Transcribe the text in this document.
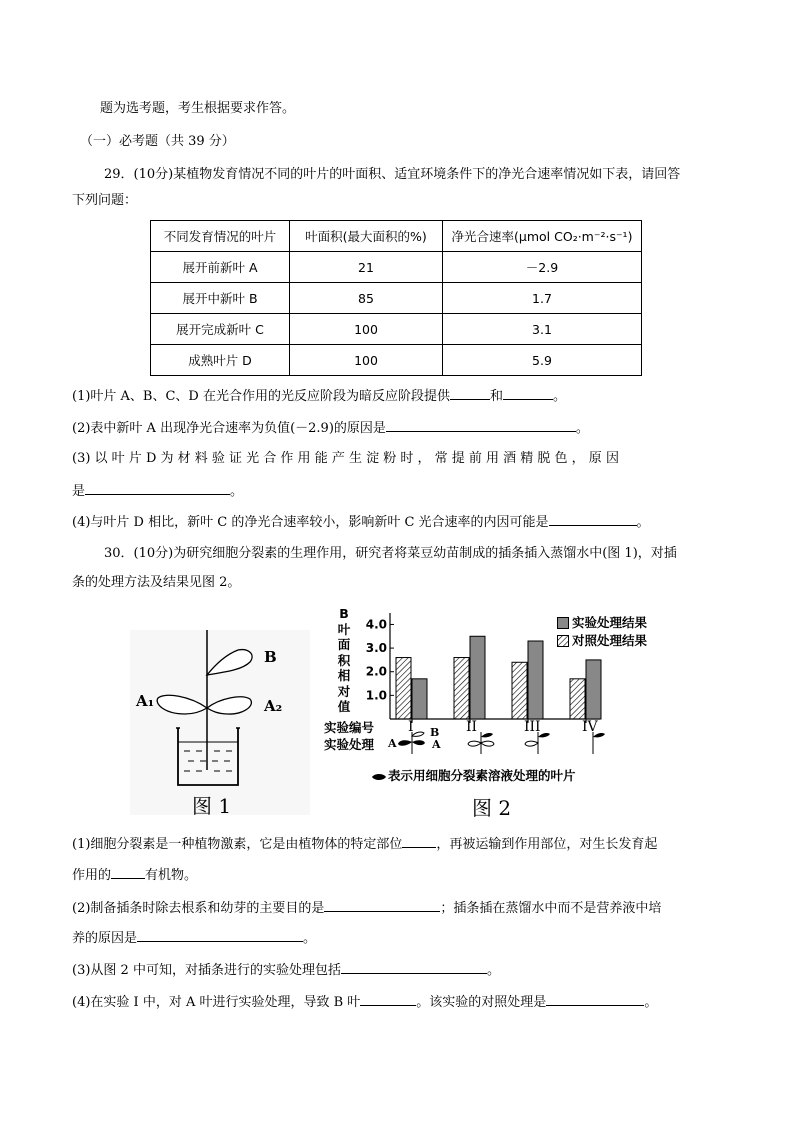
题为选考题，考生根据要求作答。
（一）必考题（共 39 分）
29．(10分)某植物发育情况不同的叶片的叶面积、适宜环境条件下的净光合速率情况如下表，请回答
下列问题：
不同发育情况的叶片	叶面积(最大面积的%)	净光合速率(μmol CO₂·m⁻²·s⁻¹)
展开前新叶 A	21	－2.9
展开中新叶 B	85	1.7
展开完成新叶 C	100	3.1
成熟叶片 D	100	5.9
(1)叶片 A、B、C、D 在光合作用的光反应阶段为暗反应阶段提供	和	。
(2)表中新叶 A 出现净光合速率为负值(－2.9)的原因是	。
(3) 以 叶 片 D 为 材 料 验 证 光 合 作 用 能 产 生 淀 粉 时 ， 常 提 前 用 酒 精 脱 色 ， 原 因
是	。
(4)与叶片 D 相比，新叶 C 的净光合速率较小，影响新叶 C 光合速率的内因可能是	。
30．(10分)为研究细胞分裂素的生理作用，研究者将菜豆幼苗制成的插条插入蒸馏水中(图 1)，对插
条的处理方法及结果见图 2。
B
A₁	A₂
图 1
B
叶
面
积
相
对
值
1.0
2.0
3.0
4.0	实验处理结果
对照处理结果
实验编号
实验处理
B
A
A
表示用细胞分裂素溶液处理的叶片
图 2
(1)细胞分裂素是一种植物激素，它是由植物体的特定部位	，再被运输到作用部位，对生长发育起
作用的	有机物。
(2)制备插条时除去根系和幼芽的主要目的是	；插条插在蒸馏水中而不是营养液中培
养的原因是	。
(3)从图 2 中可知，对插条进行的实验处理包括	。
(4)在实验 I 中，对 A 叶进行实验处理，导致 B 叶	。该实验的对照处理是	。
I	II	III	IV
